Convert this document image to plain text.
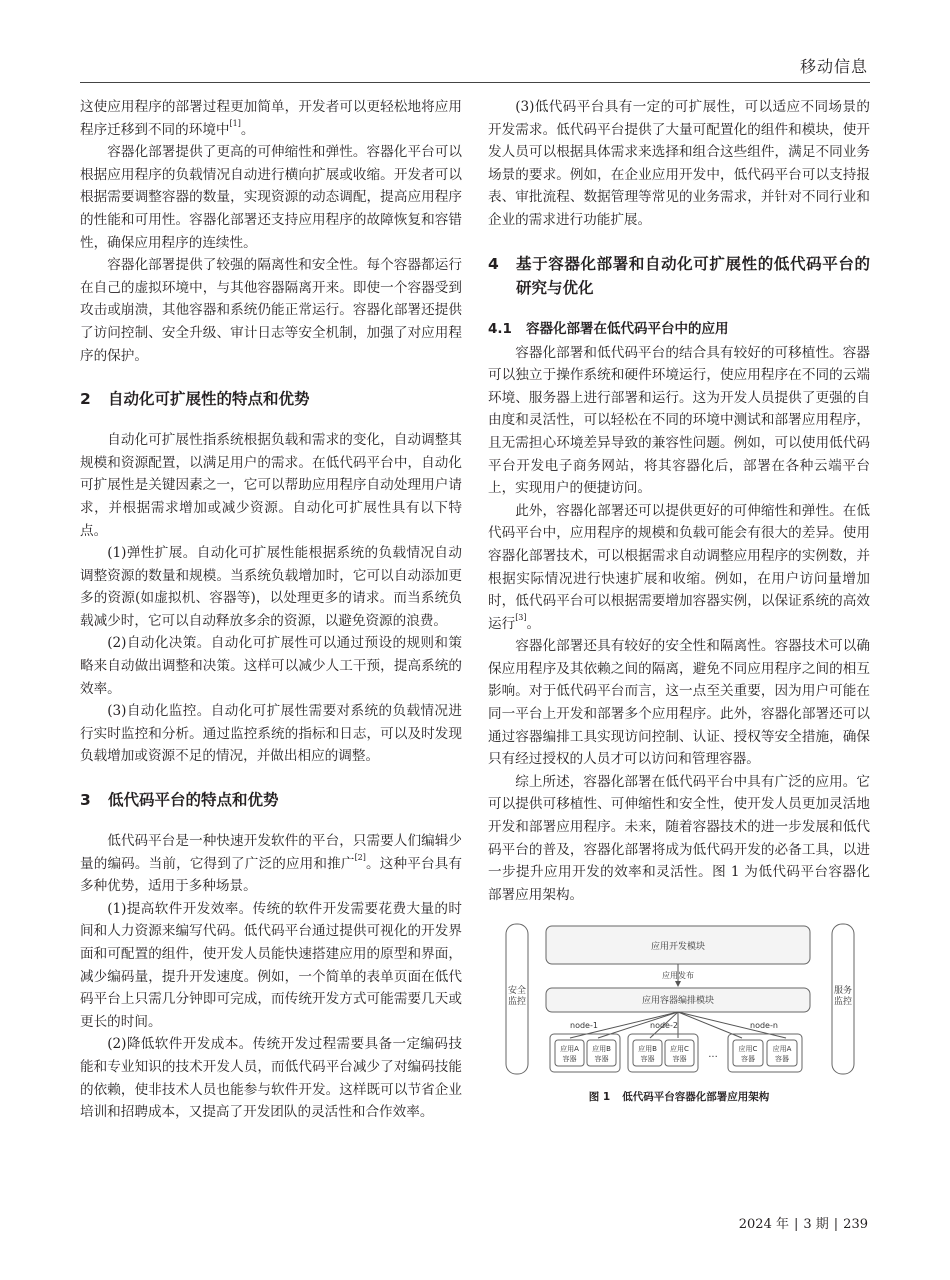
移动信息

这使应用程序的部署过程更加简单，开发者可以更轻松地将应用程序迁移到不同的环境中[1]。

容器化部署提供了更高的可伸缩性和弹性。容器化平台可以根据应用程序的负载情况自动进行横向扩展或收缩。开发者可以根据需要调整容器的数量，实现资源的动态调配，提高应用程序的性能和可用性。容器化部署还支持应用程序的故障恢复和容错性，确保应用程序的连续性。

容器化部署提供了较强的隔离性和安全性。每个容器都运行在自己的虚拟环境中，与其他容器隔离开来。即使一个容器受到攻击或崩溃，其他容器和系统仍能正常运行。容器化部署还提供了访问控制、安全升级、审计日志等安全机制，加强了对应用程序的保护。

2	自动化可扩展性的特点和优势

自动化可扩展性指系统根据负载和需求的变化，自动调整其规模和资源配置，以满足用户的需求。在低代码平台中，自动化可扩展性是关键因素之一，它可以帮助应用程序自动处理用户请求，并根据需求增加或减少资源。自动化可扩展性具有以下特点。

(1)弹性扩展。自动化可扩展性能根据系统的负载情况自动调整资源的数量和规模。当系统负载增加时，它可以自动添加更多的资源(如虚拟机、容器等)，以处理更多的请求。而当系统负载减少时，它可以自动释放多余的资源，以避免资源的浪费。

(2)自动化决策。自动化可扩展性可以通过预设的规则和策略来自动做出调整和决策。这样可以减少人工干预，提高系统的效率。

(3)自动化监控。自动化可扩展性需要对系统的负载情况进行实时监控和分析。通过监控系统的指标和日志，可以及时发现负载增加或资源不足的情况，并做出相应的调整。

3	低代码平台的特点和优势

低代码平台是一种快速开发软件的平台，只需要人们编辑少量的编码。当前，它得到了广泛的应用和推广[2]。这种平台具有多种优势，适用于多种场景。

(1)提高软件开发效率。传统的软件开发需要花费大量的时间和人力资源来编写代码。低代码平台通过提供可视化的开发界面和可配置的组件，使开发人员能快速搭建应用的原型和界面，减少编码量，提升开发速度。例如，一个简单的表单页面在低代码平台上只需几分钟即可完成，而传统开发方式可能需要几天或更长的时间。

(2)降低软件开发成本。传统开发过程需要具备一定编码技能和专业知识的技术开发人员，而低代码平台减少了对编码技能的依赖，使非技术人员也能参与软件开发。这样既可以节省企业培训和招聘成本，又提高了开发团队的灵活性和合作效率。

(3)低代码平台具有一定的可扩展性，可以适应不同场景的开发需求。低代码平台提供了大量可配置化的组件和模块，使开发人员可以根据具体需求来选择和组合这些组件，满足不同业务场景的要求。例如，在企业应用开发中，低代码平台可以支持报表、审批流程、数据管理等常见的业务需求，并针对不同行业和企业的需求进行功能扩展。

4	基于容器化部署和自动化可扩展性的低代码平台的研究与优化
4.1	容器化部署在低代码平台中的应用

容器化部署和低代码平台的结合具有较好的可移植性。容器可以独立于操作系统和硬件环境运行，使应用程序在不同的云端环境、服务器上进行部署和运行。这为开发人员提供了更强的自由度和灵活性，可以轻松在不同的环境中测试和部署应用程序，且无需担心环境差异导致的兼容性问题。例如，可以使用低代码平台开发电子商务网站，将其容器化后，部署在各种云端平台上，实现用户的便捷访问。

此外，容器化部署还可以提供更好的可伸缩性和弹性。在低代码平台中，应用程序的规模和负载可能会有很大的差异。使用容器化部署技术，可以根据需求自动调整应用程序的实例数，并根据实际情况进行快速扩展和收缩。例如，在用户访问量增加时，低代码平台可以根据需要增加容器实例，以保证系统的高效运行[3]。

容器化部署还具有较好的安全性和隔离性。容器技术可以确保应用程序及其依赖之间的隔离，避免不同应用程序之间的相互影响。对于低代码平台而言，这一点至关重要，因为用户可能在同一平台上开发和部署多个应用程序。此外，容器化部署还可以通过容器编排工具实现访问控制、认证、授权等安全措施，确保只有经过授权的人员才可以访问和管理容器。

综上所述，容器化部署在低代码平台中具有广泛的应用。它可以提供可移植性、可伸缩性和安全性，使开发人员更加灵活地开发和部署应用程序。未来，随着容器技术的进一步发展和低代码平台的普及，容器化部署将成为低代码开发的必备工具，以进一步提升应用开发的效率和灵活性。图 1 为低代码平台容器化部署应用架构。

安全监控
服务监控
应用开发模块
应用发布
应用容器编排模块
node-1	node-2	node-n
...
应用A
容器
应用B
容器
应用B
容器
应用C
容器
应用C
容器
应用A
容器
图 1 低代码平台容器化部署应用架构
2024 年 | 3 期 | 239
